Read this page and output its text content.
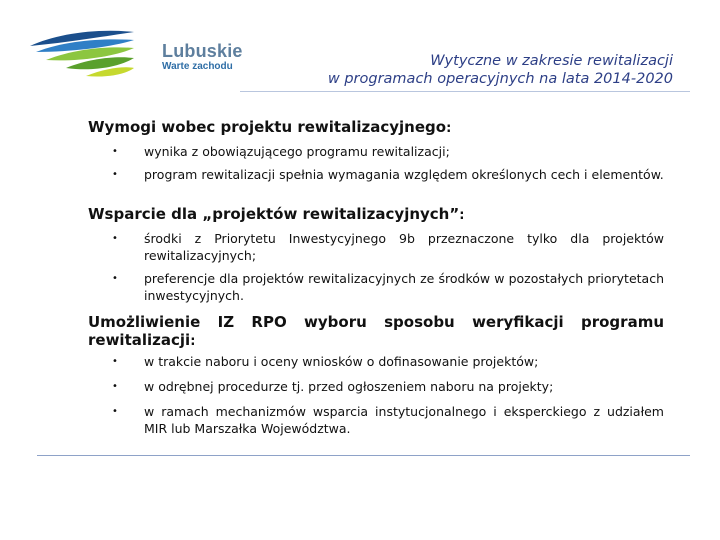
Lubuskie
Warte zachodu	Wytyczne w zakresie rewitalizacji
w programach operacyjnych na lata 2014-2020
Wymogi wobec projektu rewitalizacyjnego:
• wynika z obowiązującego programu rewitalizacji;
• program rewitalizacji spełnia wymagania względem określonych cech i elementów.
Wsparcie dla „projektów rewitalizacyjnych”:
• środki z Priorytetu Inwestycyjnego 9b przeznaczone tylko dla projektów rewitalizacyjnych;
• preferencje dla projektów rewitalizacyjnych ze środków w pozostałych priorytetach inwestycyjnych.
Umożliwienie IZ RPO wyboru sposobu weryfikacji programu rewitalizacji:
• w trakcie naboru i oceny wniosków o dofinasowanie projektów;
• w odrębnej procedurze tj. przed ogłoszeniem naboru na projekty;
• w ramach mechanizmów wsparcia instytucjonalnego i eksperckiego z udziałem MIR lub Marszałka Województwa.
